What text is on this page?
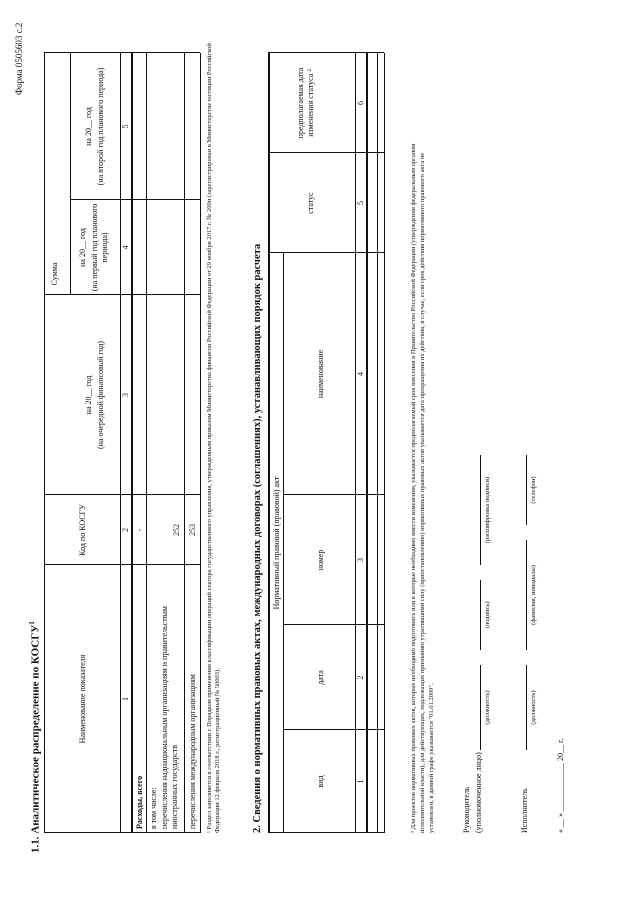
Форма 0505603 с.2
1.1. Аналитическое распределение по КОСГУ$^1$
Наименование показателя
Код по КОСГУ
Сумма
на 20__ год (на очередной финансовый год)
на 20__ год (на первый год планового периода)
на 20__ год (на второй год планового периода)
1
2
3
4
5
Расходы, всего
-
в том числе: перечисления наднациональным организациям и правительствам иностранных государств
252
перечисления международным организациям
253 ¹ Раздел заполняется в соответствии с Порядком применения классификации операций сектора государственного управления, утвержденным приказом Министерства финансов Российской Федерации от 29 ноября 2017 г. № 209н (зарегистрирован в Министерстве юстиции Российской Федерации 12 февраля 2018 г., регистрационный № 50003).	2. Сведения о нормативных правовых актах, международных договорах (соглашениях), устанавливающих порядок расчета Нормативный правовой (правовой) акт
вид
дата
номер
наименование
статус
предполагаемая дата изменения статуса ²
1
2
3
4
5
6
² Для проектов нормативных правовых актов, которые необходимо подготовить или в которые необходимо внести изменения, указывается предполагаемый срок внесения в Правительство Российской Федерации (утверждения федеральным органом исполнительной власти), для действующих, подлежащих признанию утратившими силу (приостановлению) нормативных правовых актов указывается дата прекращения их действия, в случае, если срок действия нормативного правового акта не установлен, в данной графе указывается "01.01.2099".	Руководитель (уполномоченное лицо)
(должность)
(подпись)
(расшифровка подписи)
Исполнитель
(должность)
(фамилия, инициалы)
(телефон)
« __ » ____________ 20__ г.
